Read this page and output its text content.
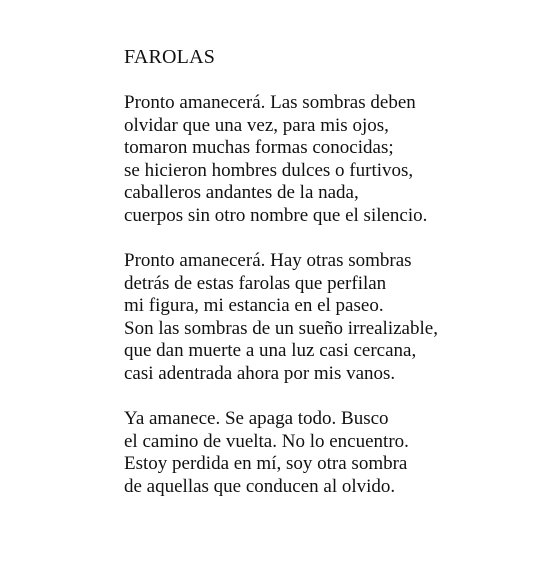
FAROLAS
Pronto amanecerá. Las sombras deben
olvidar que una vez, para mis ojos,
tomaron muchas formas conocidas;
se hicieron hombres dulces o furtivos,
caballeros andantes de la nada,
cuerpos sin otro nombre que el silencio.
Pronto amanecerá. Hay otras sombras
detrás de estas farolas que perfilan
mi figura, mi estancia en el paseo.
Son las sombras de un sueño irrealizable,
que dan muerte a una luz casi cercana,
casi adentrada ahora por mis vanos.
Ya amanece. Se apaga todo. Busco
el camino de vuelta. No lo encuentro.
Estoy perdida en mí, soy otra sombra
de aquellas que conducen al olvido.
